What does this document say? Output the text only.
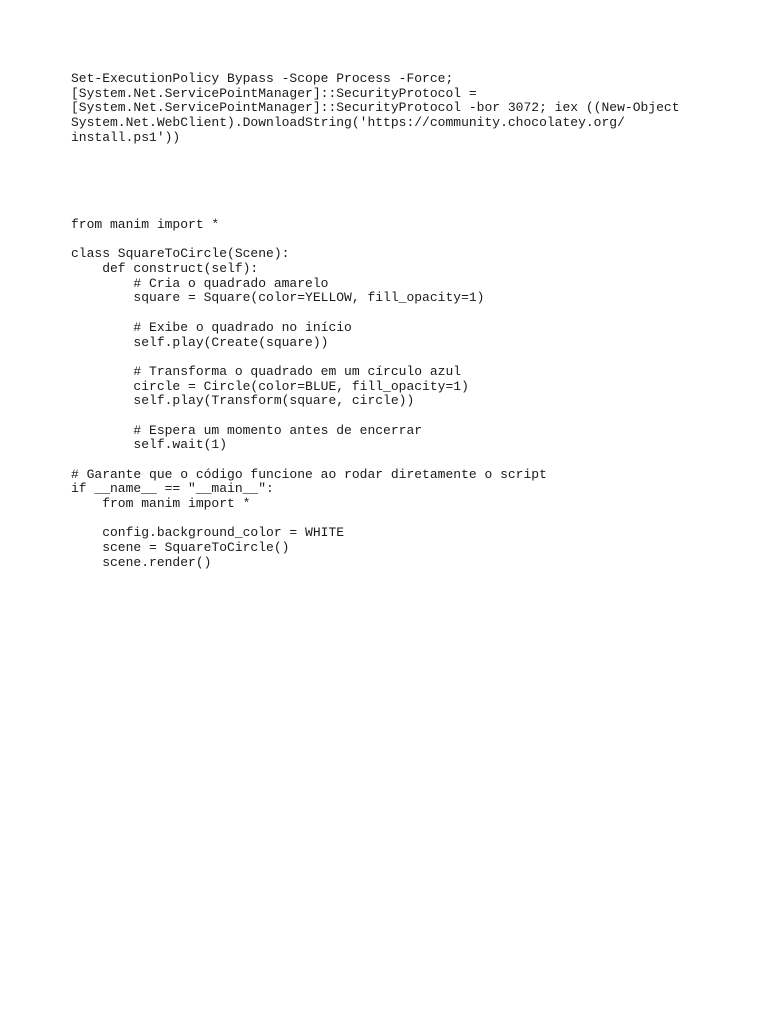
Set-ExecutionPolicy Bypass -Scope Process -Force;
[System.Net.ServicePointManager]::SecurityProtocol =
[System.Net.ServicePointManager]::SecurityProtocol -bor 3072; iex ((New-Object
System.Net.WebClient).DownloadString('https://community.chocolatey.org/
install.ps1'))
from manim import *
class SquareToCircle(Scene):
def construct(self):
# Cria o quadrado amarelo
square = Square(color=YELLOW, fill_opacity=1)
# Exibe o quadrado no início
self.play(Create(square))
# Transforma o quadrado em um círculo azul
circle = Circle(color=BLUE, fill_opacity=1)
self.play(Transform(square, circle))
# Espera um momento antes de encerrar
self.wait(1)
# Garante que o código funcione ao rodar diretamente o script
if __name__ == "__main__":
from manim import *
config.background_color = WHITE
scene = SquareToCircle()
scene.render()
